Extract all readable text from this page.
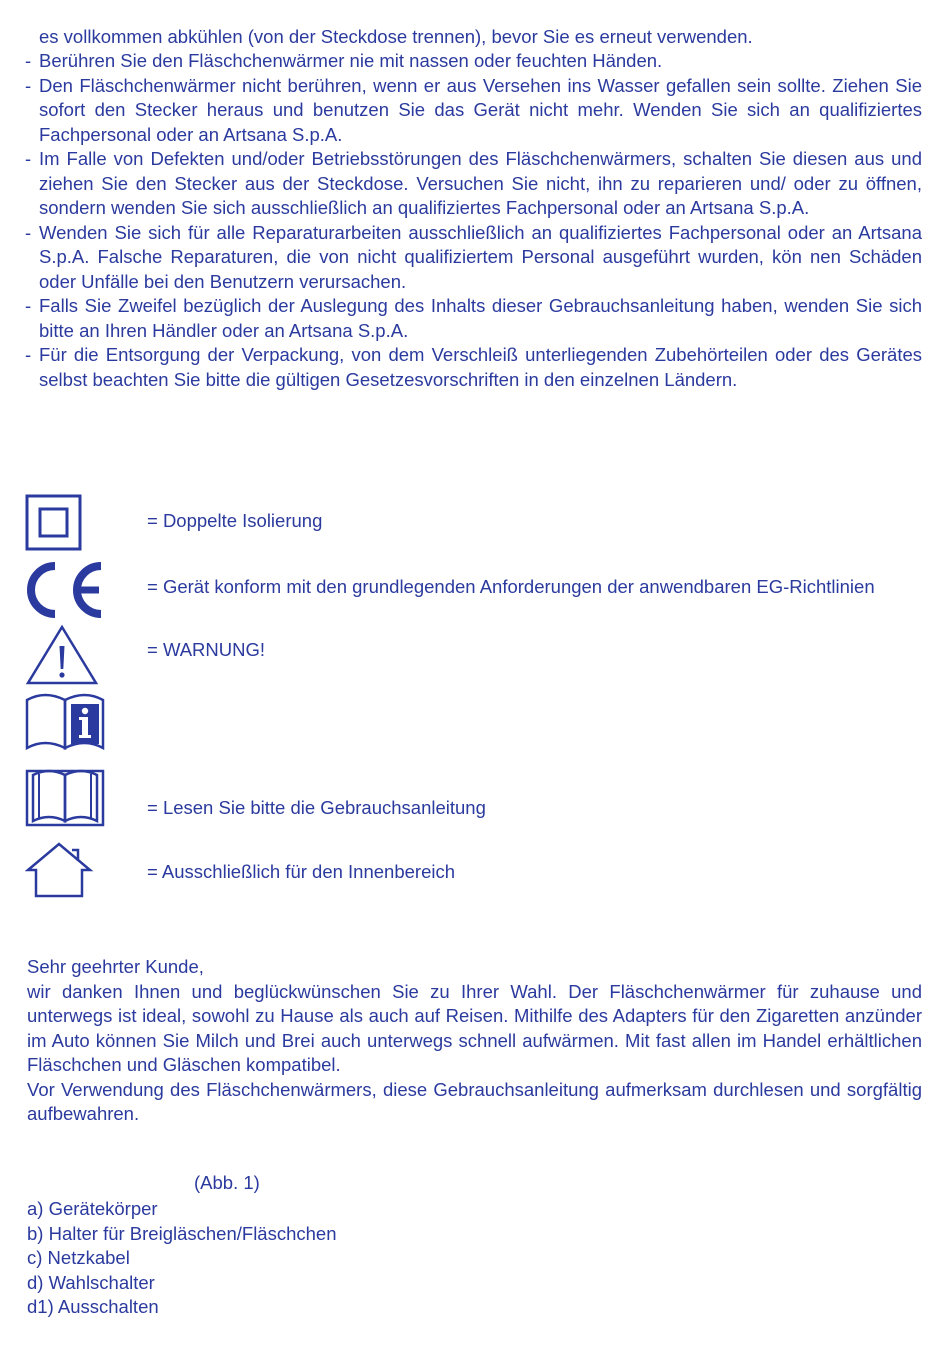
es vollkommen abkühlen (von der Steckdose trennen), bevor Sie es erneut verwenden.
- Berühren Sie den Fläschchenwärmer nie mit nassen oder feuchten Händen.
- Den Fläschchenwärmer nicht berühren, wenn er aus Versehen ins Wasser gefallen sein sollte. Ziehen Sie sofort den Stecker heraus und benutzen Sie das Gerät nicht mehr. Wenden Sie sich an qualifiziertes Fachpersonal oder an Artsana S.p.A.
- Im Falle von Defekten und/oder Betriebsstörungen des Fläschchenwärmers, schalten Sie diesen aus und ziehen Sie den Stecker aus der Steckdose. Versuchen Sie nicht, ihn zu reparieren und/ oder zu öffnen, sondern wenden Sie sich ausschließlich an qualifiziertes Fachpersonal oder an Artsana S.p.A.
- Wenden Sie sich für alle Reparaturarbeiten ausschließlich an qualifiziertes Fachpersonal oder an Artsana S.p.A. Falsche Reparaturen, die von nicht qualifiziertem Personal ausgeführt wurden, kön nen Schäden oder Unfälle bei den Benutzern verursachen.
- Falls Sie Zweifel bezüglich der Auslegung des Inhalts dieser Gebrauchsanleitung haben, wenden Sie sich bitte an Ihren Händler oder an Artsana S.p.A.
- Für die Entsorgung der Verpackung, von dem Verschleiß unterliegenden Zubehörteilen oder des Gerätes selbst beachten Sie bitte die gültigen Gesetzesvorschriften in den einzelnen Ländern.
= Doppelte Isolierung
= Gerät konform mit den grundlegenden Anforderungen der anwendbaren EG-Richtlinien
= WARNUNG!
= Lesen Sie bitte die Gebrauchsanleitung
= Ausschließlich für den Innenbereich

Sehr geehrter Kunde,

wir danken Ihnen und beglückwünschen Sie zu Ihrer Wahl. Der Fläschchenwärmer für zuhause und unterwegs ist ideal, sowohl zu Hause als auch auf Reisen. Mithilfe des Adapters für den Zigaretten anzünder im Auto können Sie Milch und Brei auch unterwegs schnell aufwärmen. Mit fast allen im Handel erhältlichen Fläschchen und Gläschen kompatibel.

Vor Verwendung des Fläschchenwärmers, diese Gebrauchsanleitung aufmerksam durchlesen und sorgfältig aufbewahren.

(Abb. 1)
a) Gerätekörper
b) Halter für Breigläschen/Fläschchen
c) Netzkabel
d) Wahlschalter
d1) Ausschalten
